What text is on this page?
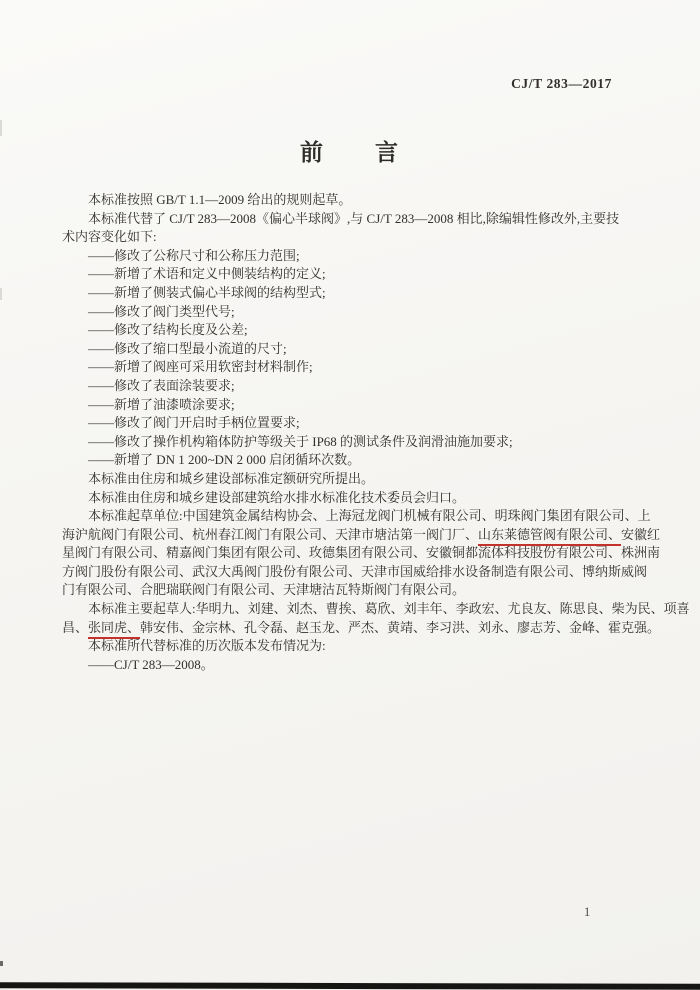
CJ/T 283—2017
前　　言
本标准按照 GB/T 1.1—2009 给出的规则起草。
本标准代替了 CJ/T 283—2008《偏心半球阀》,与 CJ/T 283—2008 相比,除编辑性修改外,主要技
术内容变化如下:
——修改了公称尺寸和公称压力范围;
——新增了术语和定义中侧装结构的定义;
——新增了侧装式偏心半球阀的结构型式;
——修改了阀门类型代号;
——修改了结构长度及公差;
——修改了缩口型最小流道的尺寸;
——新增了阀座可采用软密封材料制作;
——修改了表面涂装要求;
——新增了油漆喷涂要求;
——修改了阀门开启时手柄位置要求;
——修改了操作机构箱体防护等级关于 IP68 的测试条件及润滑油施加要求;
——新增了 DN 1 200~DN 2 000 启闭循环次数。
本标准由住房和城乡建设部标准定额研究所提出。
本标准由住房和城乡建设部建筑给水排水标准化技术委员会归口。
本标准起草单位:中国建筑金属结构协会、上海冠龙阀门机械有限公司、明珠阀门集团有限公司、上
海沪航阀门有限公司、杭州春江阀门有限公司、天津市塘沽第一阀门厂、山东莱德管阀有限公司、安徽红
星阀门有限公司、精嘉阀门集团有限公司、玫德集团有限公司、安徽铜都流体科技股份有限公司、株洲南
方阀门股份有限公司、武汉大禹阀门股份有限公司、天津市国威给排水设备制造有限公司、博纳斯威阀
门有限公司、合肥瑞联阀门有限公司、天津塘沽瓦特斯阀门有限公司。
本标准主要起草人:华明九、刘建、刘杰、曹挨、葛欣、刘丰年、李政宏、尤良友、陈思良、柴为民、项喜
昌、张同虎、韩安伟、金宗林、孔令磊、赵玉龙、严杰、黄靖、李习洪、刘永、廖志芳、金峰、霍克强。
本标准所代替标准的历次版本发布情况为:
——CJ/T 283—2008。
1
